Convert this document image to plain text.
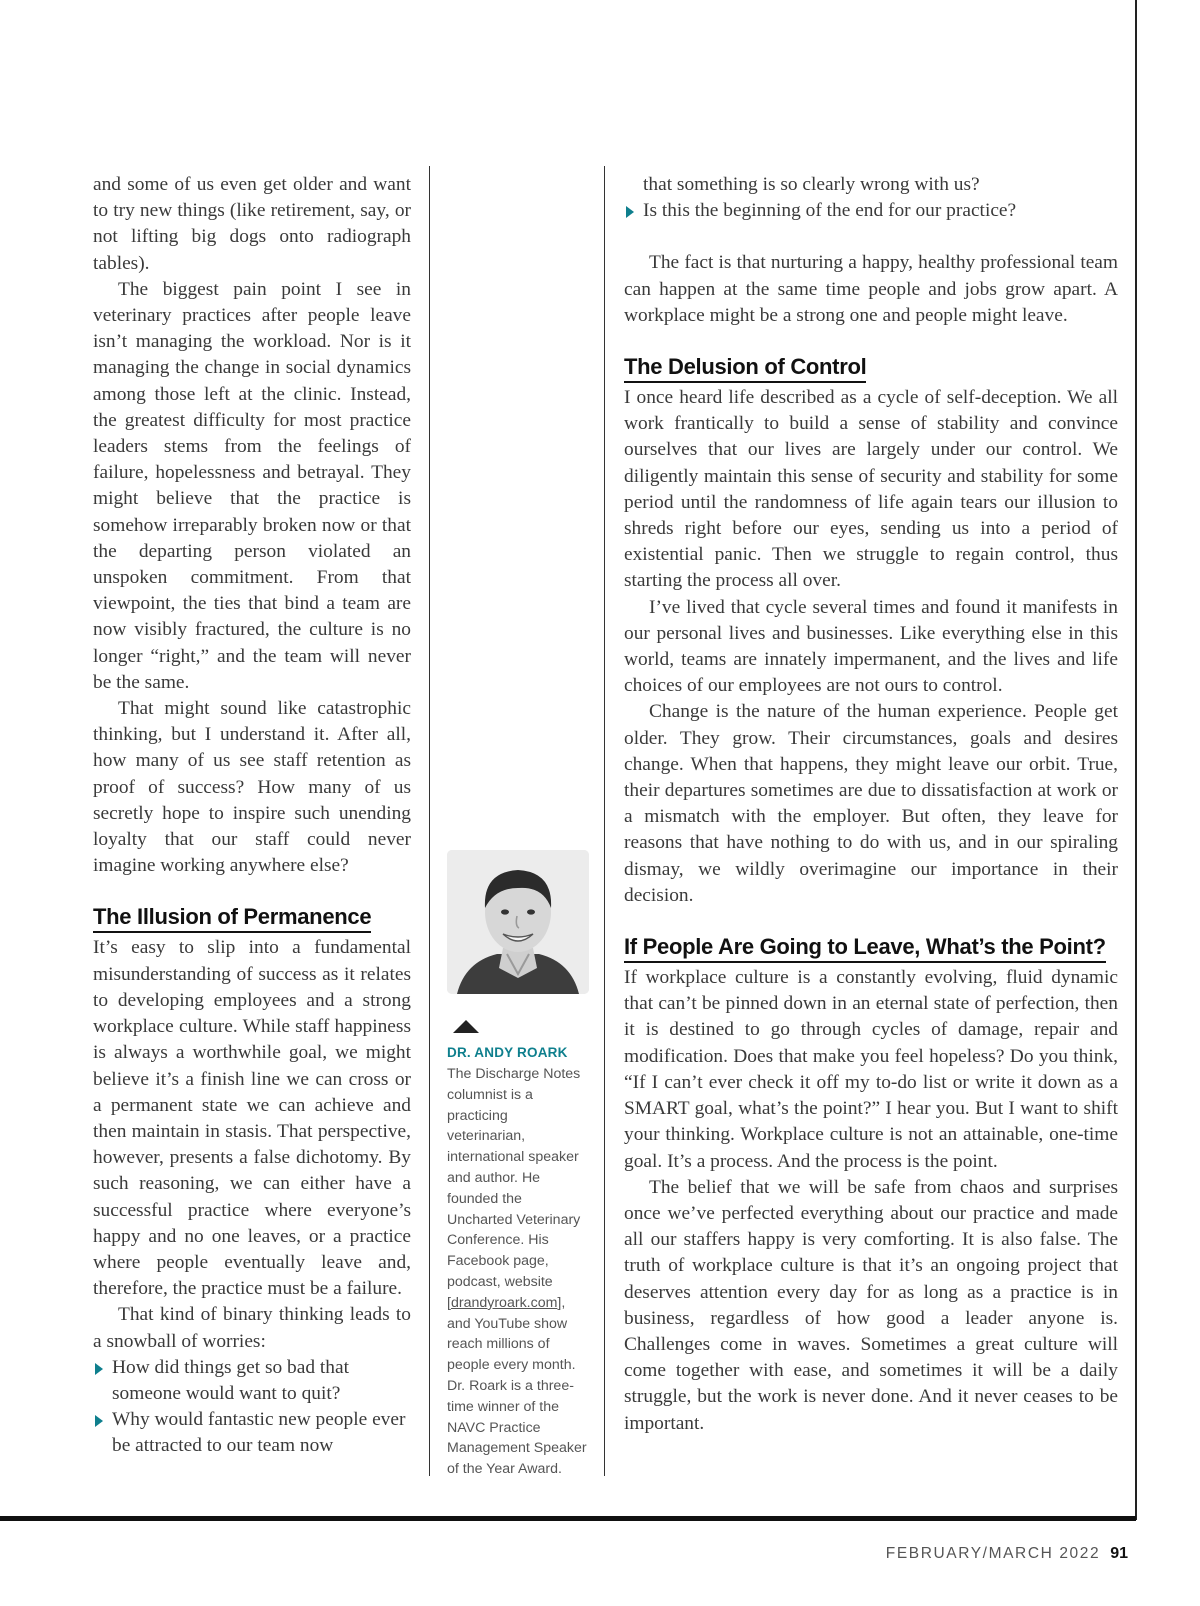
and some of us even get older and want to try new things (like retirement, say, or not lifting big dogs onto radiograph tables).

The biggest pain point I see in veterinary practices after people leave isn’t managing the workload. Nor is it managing the change in social dynamics among those left at the clinic. Instead, the greatest difficulty for most practice leaders stems from the feelings of failure, hopelessness and betrayal. They might believe that the practice is somehow irreparably broken now or that the departing person violated an unspoken commitment. From that viewpoint, the ties that bind a team are now visibly fractured, the culture is no longer “right,” and the team will never be the same.

That might sound like catastrophic thinking, but I understand it. After all, how many of us see staff retention as proof of success? How many of us secretly hope to inspire such unending loyalty that our staff could never imagine working anywhere else?

The Illusion of Permanence

It’s easy to slip into a fundamental misunderstanding of success as it relates to developing employees and a strong workplace culture. While staff happiness is always a worthwhile goal, we might believe it’s a finish line we can cross or a permanent state we can achieve and then maintain in stasis. That perspective, however, presents a false dichotomy. By such reasoning, we can either have a successful practice where everyone’s happy and no one leaves, or a practice where people eventually leave and, therefore, the practice must be a failure.

That kind of binary thinking leads to a snowball of worries:

How did things get so bad that someone would want to quit?
Why would fantastic new people ever be attracted to our team now
DR. ANDY ROARK
The Discharge Notes columnist is a practicing veterinarian, international speaker and author. He founded the Uncharted Veterinary Conference. His Facebook page, podcast, website [drandyroark.com], and YouTube show reach millions of people every month. Dr. Roark is a three-time winner of the NAVC Practice Management Speaker of the Year Award.
that something is so clearly wrong with us?
Is this the beginning of the end for our practice?

The fact is that nurturing a happy, healthy professional team can happen at the same time people and jobs grow apart. A workplace might be a strong one and people might leave.

The Delusion of Control

I once heard life described as a cycle of self-deception. We all work frantically to build a sense of stability and convince ourselves that our lives are largely under our control. We diligently maintain this sense of security and stability for some period until the randomness of life again tears our illusion to shreds right before our eyes, sending us into a period of existential panic. Then we struggle to regain control, thus starting the process all over.

I’ve lived that cycle several times and found it manifests in our personal lives and businesses. Like everything else in this world, teams are innately impermanent, and the lives and life choices of our employees are not ours to control.

Change is the nature of the human experience. People get older. They grow. Their circumstances, goals and desires change. When that happens, they might leave our orbit. True, their departures sometimes are due to dissatisfaction at work or a mismatch with the employer. But often, they leave for reasons that have nothing to do with us, and in our spiraling dismay, we wildly overimagine our importance in their decision.

If People Are Going to Leave, What’s the Point?

If workplace culture is a constantly evolving, fluid dynamic that can’t be pinned down in an eternal state of perfection, then it is destined to go through cycles of damage, repair and modification. Does that make you feel hopeless? Do you think, “If I can’t ever check it off my to-do list or write it down as a SMART goal, what’s the point?” I hear you. But I want to shift your thinking. Workplace culture is not an attainable, one-time goal. It’s a process. And the process is the point.

The belief that we will be safe from chaos and surprises once we’ve perfected everything about our practice and made all our staffers happy is very comforting. It is also false. The truth of workplace culture is that it’s an ongoing project that deserves attention every day for as long as a practice is in business, regardless of how good a leader anyone is. Challenges come in waves. Sometimes a great culture will come together with ease, and sometimes it will be a daily struggle, but the work is never done. And it never ceases to be important.

FEBRUARY/MARCH 2022 91
